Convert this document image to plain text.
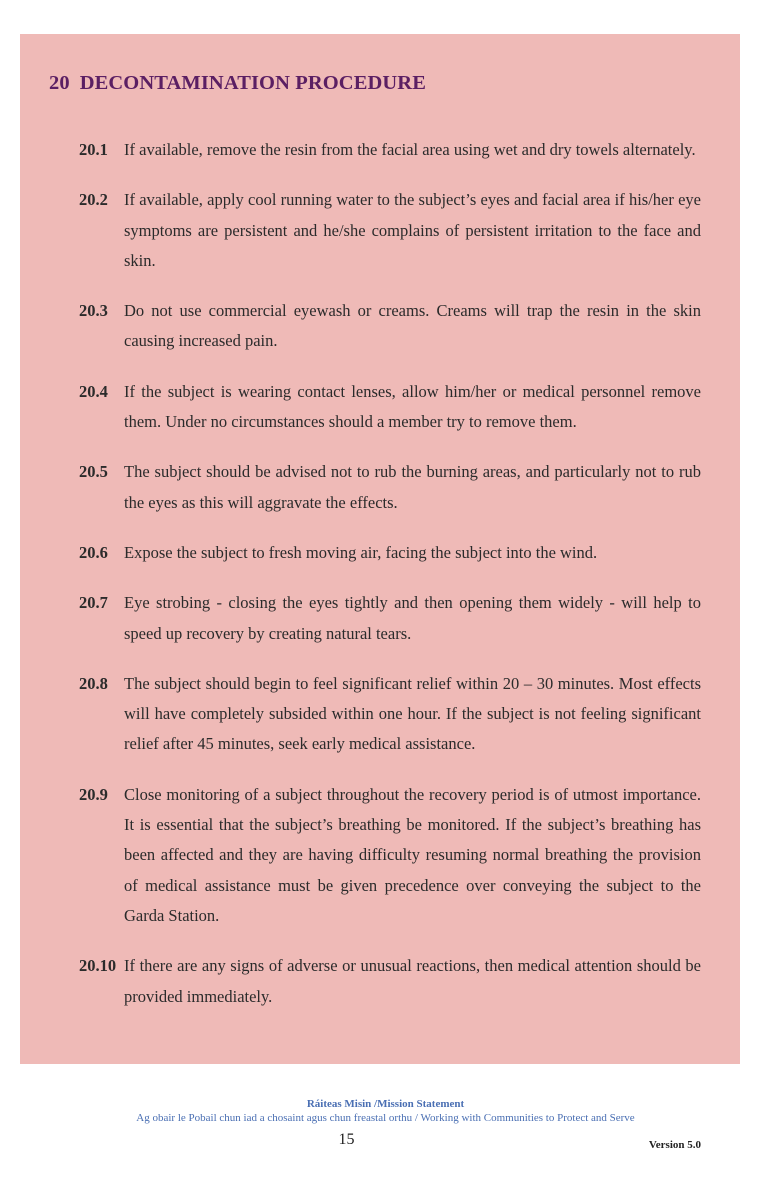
20 DECONTAMINATION PROCEDURE
20.1 If available, remove the resin from the facial area using wet and dry towels alternately.
20.2 If available, apply cool running water to the subject’s eyes and facial area if his/her eye symptoms are persistent and he/she complains of persistent irritation to the face and skin.
20.3 Do not use commercial eyewash or creams. Creams will trap the resin in the skin causing increased pain.
20.4 If the subject is wearing contact lenses, allow him/her or medical personnel remove them. Under no circumstances should a member try to remove them.
20.5 The subject should be advised not to rub the burning areas, and particularly not to rub the eyes as this will aggravate the effects.
20.6 Expose the subject to fresh moving air, facing the subject into the wind.
20.7 Eye strobing - closing the eyes tightly and then opening them widely - will help to speed up recovery by creating natural tears.
20.8 The subject should begin to feel significant relief within 20 – 30 minutes. Most effects will have completely subsided within one hour. If the subject is not feeling significant relief after 45 minutes, seek early medical assistance.
20.9 Close monitoring of a subject throughout the recovery period is of utmost importance. It is essential that the subject’s breathing be monitored. If the subject’s breathing has been affected and they are having difficulty resuming normal breathing the provision of medical assistance must be given precedence over conveying the subject to the Garda Station.
20.10 If there are any signs of adverse or unusual reactions, then medical attention should be provided immediately.
Ráiteas Misin /Mission Statement
Ag obair le Pobail chun iad a chosaint agus chun freastal orthu / Working with Communities to Protect and Serve
15	Version 5.0
